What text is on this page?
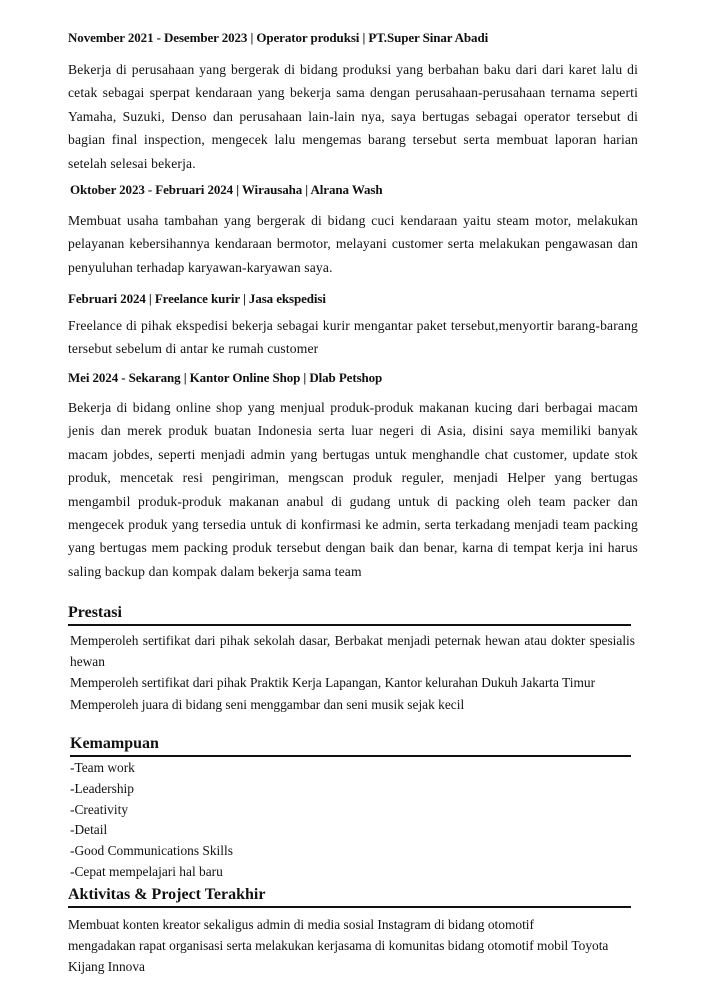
November 2021 - Desember 2023 | Operator produksi | PT.Super Sinar Abadi
Bekerja di perusahaan yang bergerak di bidang produksi yang berbahan baku dari dari karet lalu di cetak sebagai sperpat kendaraan yang bekerja sama dengan perusahaan-perusahaan ternama seperti Yamaha, Suzuki, Denso dan perusahaan lain-lain nya, saya bertugas sebagai operator tersebut di bagian final inspection, mengecek lalu mengemas barang tersebut serta membuat laporan harian setelah selesai bekerja.
Oktober 2023 - Februari 2024 | Wirausaha | Alrana Wash
Membuat usaha tambahan yang bergerak di bidang cuci kendaraan yaitu steam motor, melakukan pelayanan kebersihannya kendaraan bermotor, melayani customer serta melakukan pengawasan dan penyuluhan terhadap karyawan-karyawan saya.
Februari 2024 | Freelance kurir | Jasa ekspedisi
Freelance di pihak ekspedisi bekerja sebagai kurir mengantar paket tersebut,menyortir barang-barang tersebut sebelum di antar ke rumah customer
Mei 2024 - Sekarang | Kantor Online Shop | Dlab Petshop
Bekerja di bidang online shop yang menjual produk-produk makanan kucing dari berbagai macam jenis dan merek produk buatan Indonesia serta luar negeri di Asia, disini saya memiliki banyak macam jobdes, seperti menjadi admin yang bertugas untuk menghandle chat customer, update stok produk, mencetak resi pengiriman, mengscan produk reguler, menjadi Helper yang bertugas mengambil produk-produk makanan anabul di gudang untuk di packing oleh team packer dan mengecek produk yang tersedia untuk di konfirmasi ke admin, serta terkadang menjadi team packing yang bertugas mem packing produk tersebut dengan baik dan benar, karna di tempat kerja ini harus saling backup dan kompak dalam bekerja sama team
Prestasi
Memperoleh sertifikat dari pihak sekolah dasar, Berbakat menjadi peternak hewan atau dokter spesialis hewan
Memperoleh sertifikat dari pihak Praktik Kerja Lapangan, Kantor kelurahan Dukuh Jakarta Timur
Memperoleh juara di bidang seni menggambar dan seni musik sejak kecil
Kemampuan
-Team work
-Leadership
-Creativity
-Detail
-Good Communications Skills
-Cepat mempelajari hal baru
Aktivitas & Project Terakhir
Membuat konten kreator sekaligus admin di media sosial Instagram di bidang otomotif
mengadakan rapat organisasi serta melakukan kerjasama di komunitas bidang otomotif mobil Toyota Kijang Innova
